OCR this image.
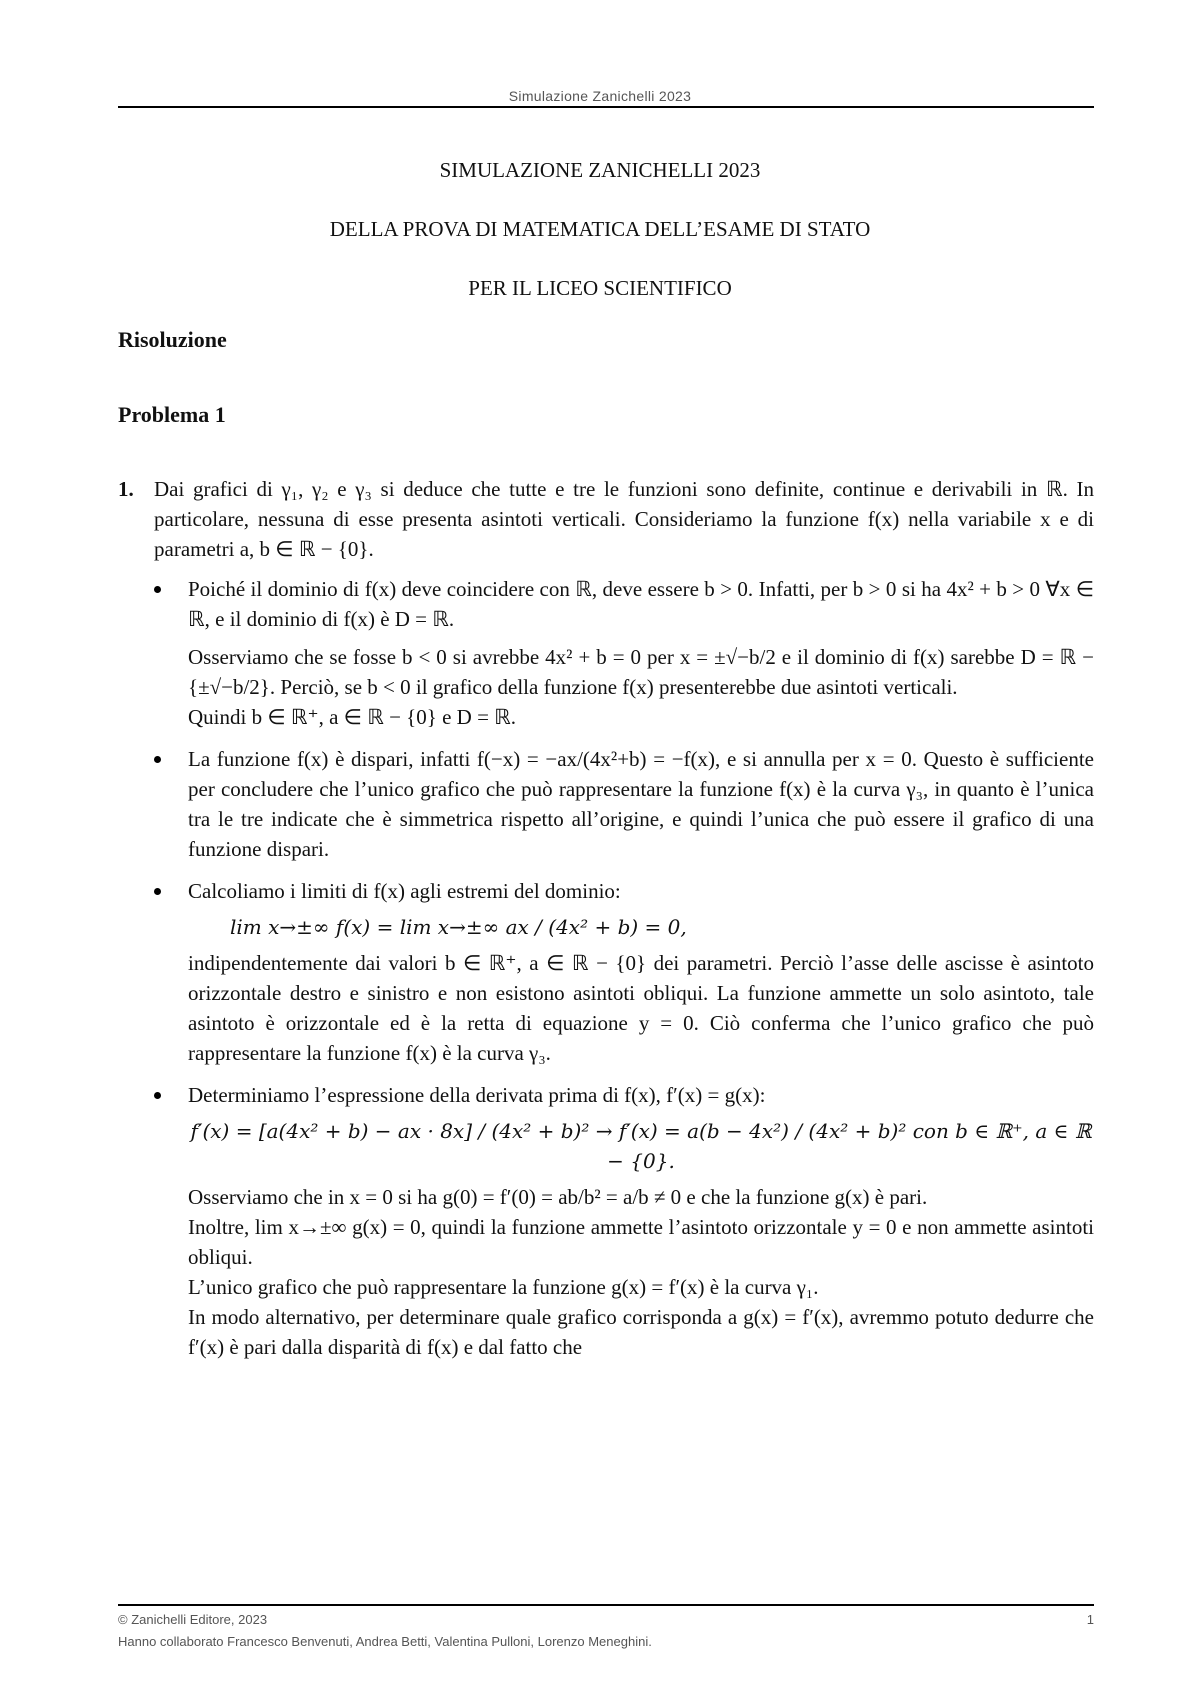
Simulazione Zanichelli 2023
SIMULAZIONE ZANICHELLI 2023
DELLA PROVA DI MATEMATICA DELL’ESAME DI STATO
PER IL LICEO SCIENTIFICO
Risoluzione
Problema 1
1. Dai grafici di γ₁, γ₂ e γ₃ si deduce che tutte e tre le funzioni sono definite, continue e derivabili in ℝ. In particolare, nessuna di esse presenta asintoti verticali. Consideriamo la funzione f(x) nella variabile x e di parametri a, b ∈ ℝ − {0}.

Poiché il dominio di f(x) deve coincidere con ℝ, deve essere b > 0. Infatti, per b > 0 si ha 4x² + b > 0 ∀x ∈ ℝ, e il dominio di f(x) è D = ℝ.

Osserviamo che se fosse b < 0 si avrebbe 4x² + b = 0 per x = ±√−b/2 e il dominio di f(x) sarebbe D = ℝ − {±√−b/2}. Perciò, se b < 0 il grafico della funzione f(x) presenterebbe due asintoti verticali.

Quindi b ∈ ℝ⁺, a ∈ ℝ − {0} e D = ℝ.

La funzione f(x) è dispari, infatti f(−x) = −ax/(4x²+b) = −f(x), e si annulla per x = 0. Questo è sufficiente per concludere che l’unico grafico che può rappresentare la funzione f(x) è la curva γ₃, in quanto è l’unica tra le tre indicate che è simmetrica rispetto all’origine, e quindi l’unica che può essere il grafico di una funzione dispari.

Calcoliamo i limiti di f(x) agli estremi del dominio:

lim x→±∞ f(x) = lim x→±∞ ax / (4x² + b) = 0,

indipendentemente dai valori b ∈ ℝ⁺, a ∈ ℝ − {0} dei parametri. Perciò l’asse delle ascisse è asintoto orizzontale destro e sinistro e non esistono asintoti obliqui. La funzione ammette un solo asintoto, tale asintoto è orizzontale ed è la retta di equazione y = 0. Ciò conferma che l’unico grafico che può rappresentare la funzione f(x) è la curva γ₃.

Determiniamo l’espressione della derivata prima di f(x), f′(x) = g(x):

f′(x) = [a(4x² + b) − ax · 8x] / (4x² + b)² → f′(x) = a(b − 4x²) / (4x² + b)² con b ∈ ℝ⁺, a ∈ ℝ − {0}.

Osserviamo che in x = 0 si ha g(0) = f′(0) = ab/b² = a/b ≠ 0 e che la funzione g(x) è pari.

Inoltre, lim x→±∞ g(x) = 0, quindi la funzione ammette l’asintoto orizzontale y = 0 e non ammette asintoti obliqui.

L’unico grafico che può rappresentare la funzione g(x) = f′(x) è la curva γ₁.

In modo alternativo, per determinare quale grafico corrisponda a g(x) = f′(x), avremmo potuto dedurre che f′(x) è pari dalla disparità di f(x) e dal fatto che

© Zanichelli Editore, 2023	1
Hanno collaborato Francesco Benvenuti, Andrea Betti, Valentina Pulloni, Lorenzo Meneghini.
